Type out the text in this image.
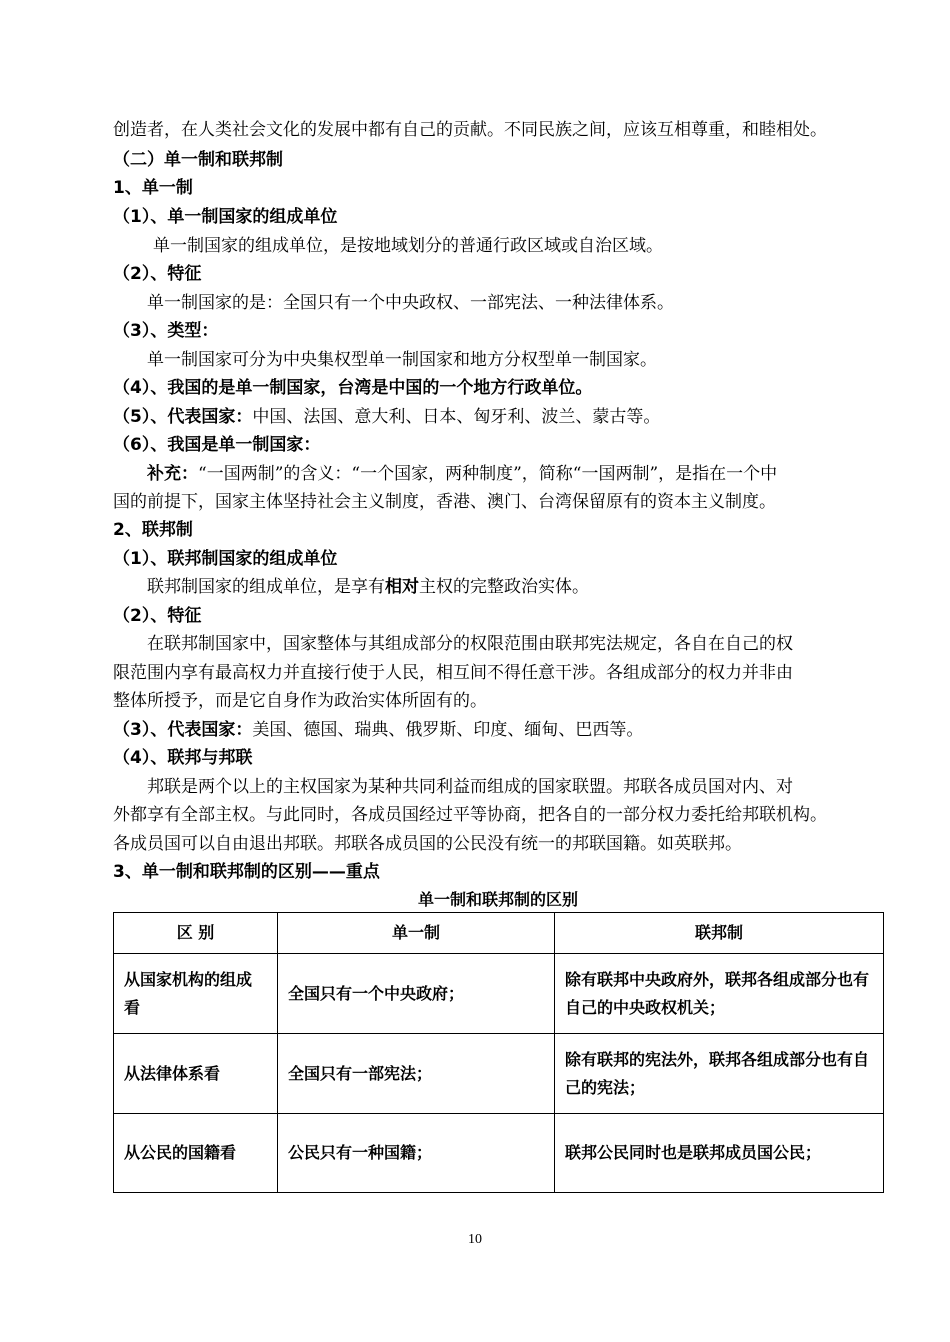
创造者，在人类社会文化的发展中都有自己的贡献。不同民族之间，应该互相尊重，和睦相处。
（二）单一制和联邦制
1、单一制
（1）、单一制国家的组成单位
单一制国家的组成单位，是按地域划分的普通行政区域或自治区域。
（2）、特征
单一制国家的是：全国只有一个中央政权、一部宪法、一种法律体系。
（3）、类型：
单一制国家可分为中央集权型单一制国家和地方分权型单一制国家。
（4）、我国的是单一制国家，台湾是中国的一个地方行政单位。
（5）、代表国家：中国、法国、意大利、日本、匈牙利、波兰、蒙古等。
（6）、我国是单一制国家：
补充：“一国两制”的含义：“一个国家，两种制度”，简称“一国两制”，是指在一个中
国的前提下，国家主体坚持社会主义制度，香港、澳门、台湾保留原有的资本主义制度。
2、联邦制
（1）、联邦制国家的组成单位
联邦制国家的组成单位，是享有相对主权的完整政治实体。
（2）、特征
在联邦制国家中，国家整体与其组成部分的权限范围由联邦宪法规定，各自在自己的权
限范围内享有最高权力并直接行使于人民，相互间不得任意干涉。各组成部分的权力并非由
整体所授予，而是它自身作为政治实体所固有的。
（3）、代表国家：美国、德国、瑞典、俄罗斯、印度、缅甸、巴西等。
（4）、联邦与邦联
邦联是两个以上的主权国家为某种共同利益而组成的国家联盟。邦联各成员国对内、对
外都享有全部主权。与此同时，各成员国经过平等协商，把各自的一部分权力委托给邦联机构。
各成员国可以自由退出邦联。邦联各成员国的公民没有统一的邦联国籍。如英联邦。
3、单一制和联邦制的区别——重点
单一制和联邦制的区别
区 别	单一制	联邦制
从国家机构的组成看	全国只有一个中央政府；	除有联邦中央政府外，联邦各组成部分也有自己的中央政权机关；
从法律体系看	全国只有一部宪法；	除有联邦的宪法外，联邦各组成部分也有自己的宪法；
从公民的国籍看	公民只有一种国籍；	联邦公民同时也是联邦成员国公民；
10
